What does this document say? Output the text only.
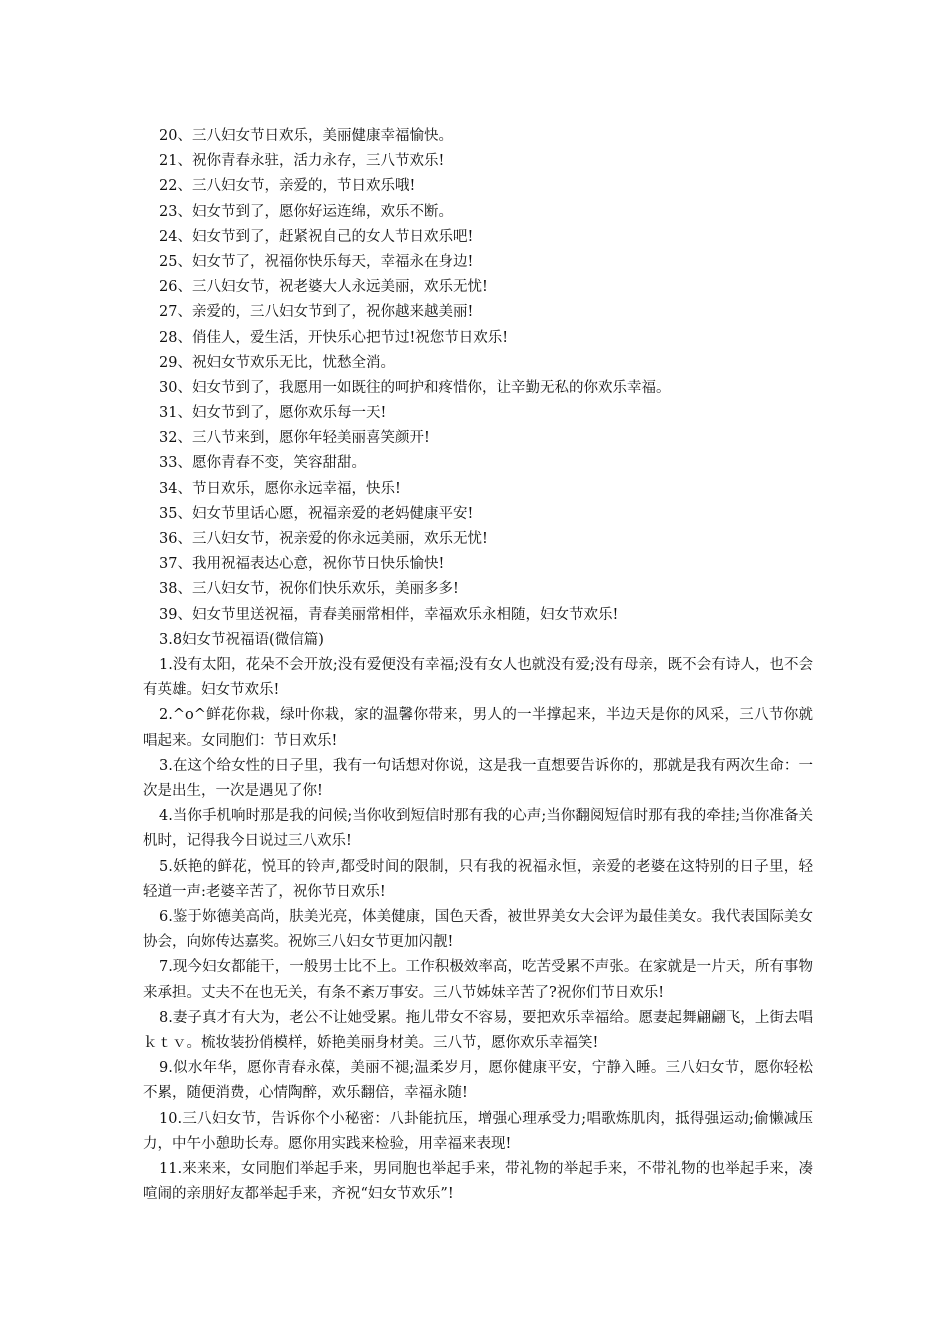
20、三八妇女节日欢乐，美丽健康幸福愉快。
21、祝你青春永驻，活力永存，三八节欢乐!
22、三八妇女节，亲爱的，节日欢乐哦!
23、妇女节到了，愿你好运连绵，欢乐不断。
24、妇女节到了，赶紧祝自己的女人节日欢乐吧!
25、妇女节了，祝福你快乐每天，幸福永在身边!
26、三八妇女节，祝老婆大人永远美丽，欢乐无忧!
27、亲爱的，三八妇女节到了，祝你越来越美丽!
28、俏佳人，爱生活，开快乐心把节过!祝您节日欢乐!
29、祝妇女节欢乐无比，忧愁全消。
30、妇女节到了，我愿用一如既往的呵护和疼惜你，让辛勤无私的你欢乐幸福。
31、妇女节到了，愿你欢乐每一天!
32、三八节来到，愿你年轻美丽喜笑颜开!
33、愿你青春不变，笑容甜甜。
34、节日欢乐，愿你永远幸福，快乐!
35、妇女节里话心愿，祝福亲爱的老妈健康平安!
36、三八妇女节，祝亲爱的你永远美丽，欢乐无忧!
37、我用祝福表达心意，祝你节日快乐愉快!
38、三八妇女节，祝你们快乐欢乐，美丽多多!
39、妇女节里送祝福，青春美丽常相伴，幸福欢乐永相随，妇女节欢乐!
3.8妇女节祝福语(微信篇)
1.没有太阳，花朵不会开放;没有爱便没有幸福;没有女人也就没有爱;没有母亲，既不会有诗人，也不会有英雄。妇女节欢乐!
2.^o^鲜花你栽，绿叶你栽，家的温馨你带来，男人的一半撑起来，半边天是你的风采，三八节你就唱起来。女同胞们：节日欢乐!
3.在这个给女性的日子里，我有一句话想对你说，这是我一直想要告诉你的，那就是我有两次生命：一次是出生，一次是遇见了你!
4.当你手机响时那是我的问候;当你收到短信时那有我的心声;当你翻阅短信时那有我的牵挂;当你准备关机时，记得我今日说过三八欢乐!
5.妖艳的鲜花，悦耳的铃声,都受时间的限制，只有我的祝福永恒，亲爱的老婆在这特别的日子里，轻轻道一声:老婆辛苦了，祝你节日欢乐!
6.鉴于妳德美高尚，肤美光亮，体美健康，国色天香，被世界美女大会评为最佳美女。我代表国际美女协会，向妳传达嘉奖。祝妳三八妇女节更加闪靓!
7.现今妇女都能干，一般男士比不上。工作积极效率高，吃苦受累不声张。在家就是一片天，所有事物来承担。丈夫不在也无关，有条不紊万事安。三八节姊妹辛苦了?祝你们节日欢乐!
8.妻子真才有大为，老公不让她受累。拖儿带女不容易，要把欢乐幸福给。愿妻起舞翩翩飞，上街去唱ｋｔｖ。梳妆装扮俏模样，娇艳美丽身材美。三八节，愿你欢乐幸福笑!
9.似水年华，愿你青春永葆，美丽不褪;温柔岁月，愿你健康平安，宁静入睡。三八妇女节，愿你轻松不累，随便消费，心情陶醉，欢乐翻倍，幸福永随!
10.三八妇女节，告诉你个小秘密：八卦能抗压，增强心理承受力;唱歌炼肌肉，抵得强运动;偷懒减压力，中午小憩助长寿。愿你用实践来检验，用幸福来表现!
11.来来来，女同胞们举起手来，男同胞也举起手来，带礼物的举起手来，不带礼物的也举起手来，凑喧闹的亲朋好友都举起手来，齐祝“妇女节欢乐”!
